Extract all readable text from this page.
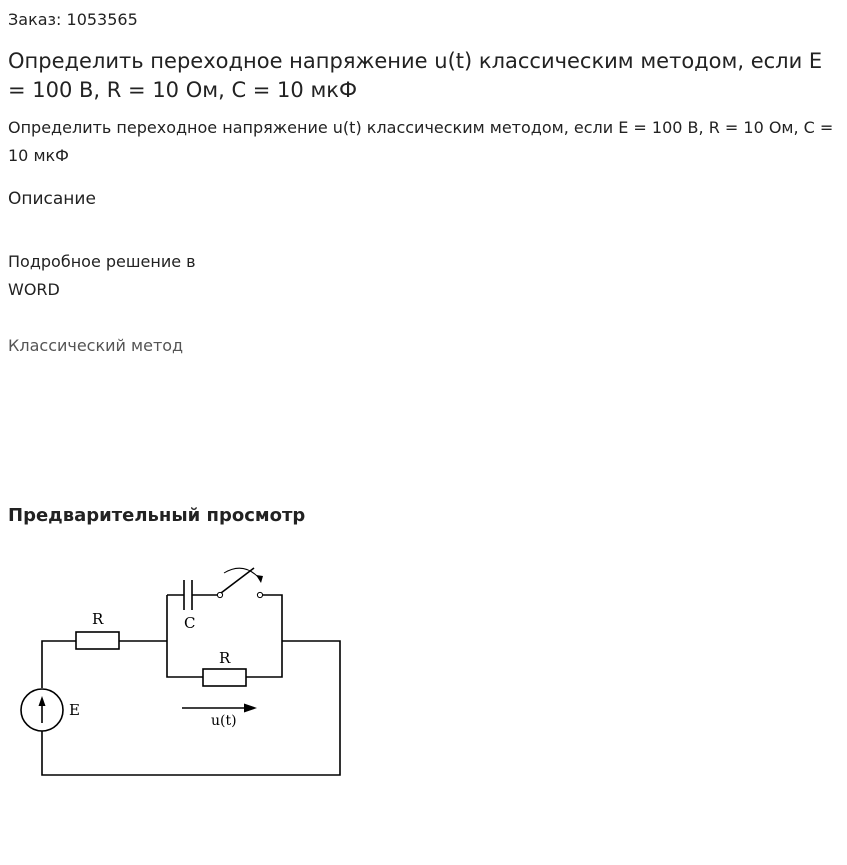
Заказ: 1053565
Определить переходное напряжение u(t) классическим методом, если E = 100 В, R = 10 Ом, C = 10 мкФ
Определить переходное напряжение u(t) классическим методом, если E = 100 В, R = 10 Ом, C = 10 мкФ
Описание
Подробное решение в WORD
Классический метод
Предварительный просмотр
R	C
R
E
u(t)
